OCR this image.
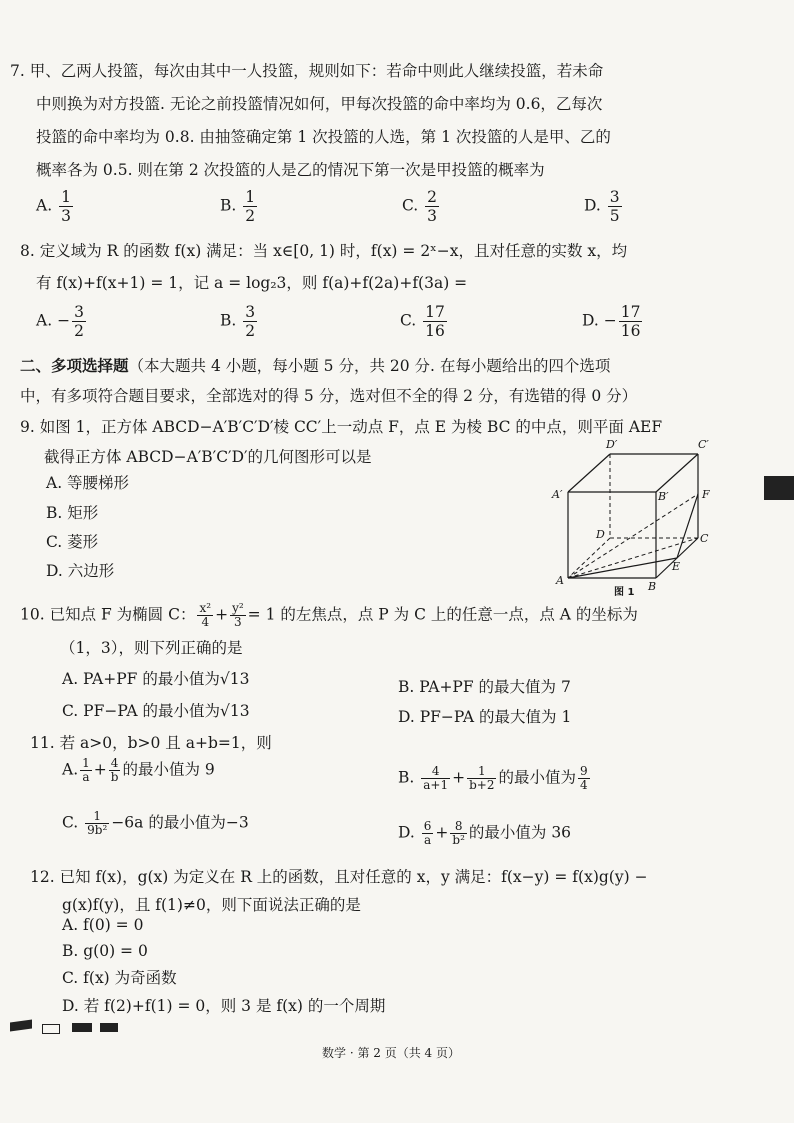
7. 甲、乙两人投篮，每次由其中一人投篮，规则如下：若命中则此人继续投篮，若未命
中则换为对方投篮. 无论之前投篮情况如何，甲每次投篮的命中率均为 0.6，乙每次
投篮的命中率均为 0.8. 由抽签确定第 1 次投篮的人选，第 1 次投篮的人是甲、乙的
概率各为 0.5. 则在第 2 次投篮的人是乙的情况下第一次是甲投篮的概率为
A. $\frac{1}{3}$	B. $\frac{1}{2}$	C. $\frac{2}{3}$	D. $\frac{3}{5}$
8. 定义域为 R 的函数 f(x) 满足：当 x∈[0, 1) 时，f(x) = 2ˣ−x，且对任意的实数 x，均
有 f(x)+f(x+1) = 1，记 a = log₂3，则 f(a)+f(2a)+f(3a) =
A. − $\frac{3}{2}$	B. $\frac{3}{2}$	C. $\frac{17}{16}$	D. − $\frac{17}{16}$
二、多项选择题（本大题共 4 小题，每小题 5 分，共 20 分. 在每小题给出的四个选项
中，有多项符合题目要求，全部选对的得 5 分，选对但不全的得 2 分，有选错的得 0 分）
9. 如图 1，正方体 ABCD−A′B′C′D′棱 CC′上一动点 F，点 E 为棱 BC 的中点，则平面 AEF
截得正方体 ABCD−A′B′C′D′的几何图形可以是
A. 等腰梯形
B. 矩形
C. 菱形
D. 六边形
D′	C′
A′	B′	F
D	C
E
A	B
图 1
10. 已知点 F 为椭圆 C： $\frac{\text{x²}}{4} + \frac{\text{y²}}{3} = 1$ 的左焦点，点 P 为 C 上的任意一点，点 A 的坐标为
（1，3），则下列正确的是
A. PA+PF 的最小值为√13	B. PA+PF 的最大值为 7
C. PF−PA 的最小值为√13	D. PF−PA 的最大值为 1
11. 若 a>0，b>0 且 a+b=1，则
A. $\frac{1}{a} + \frac{4}{b}$ 的最小值为 9	B. $\frac{4}{a+1} + \frac{1}{b+2}$ 的最小值为 $\frac{9}{4}$
C. $\frac{1}{\text{9b²}} -6a$ 的最小值为−3
D. $\frac{6}{a} + \frac{8}{\text{b²}}$ 的最小值为 36
12. 已知 f(x)，g(x) 为定义在 R 上的函数，且对任意的 x，y 满足：f(x−y) = f(x)g(y) −
g(x)f(y)，且 f(1)≠0，则下面说法正确的是
A. f(0) = 0
B. g(0) = 0
C. f(x) 为奇函数
D. 若 f(2)+f(1) = 0，则 3 是 f(x) 的一个周期
数学 · 第 2 页（共 4 页）
